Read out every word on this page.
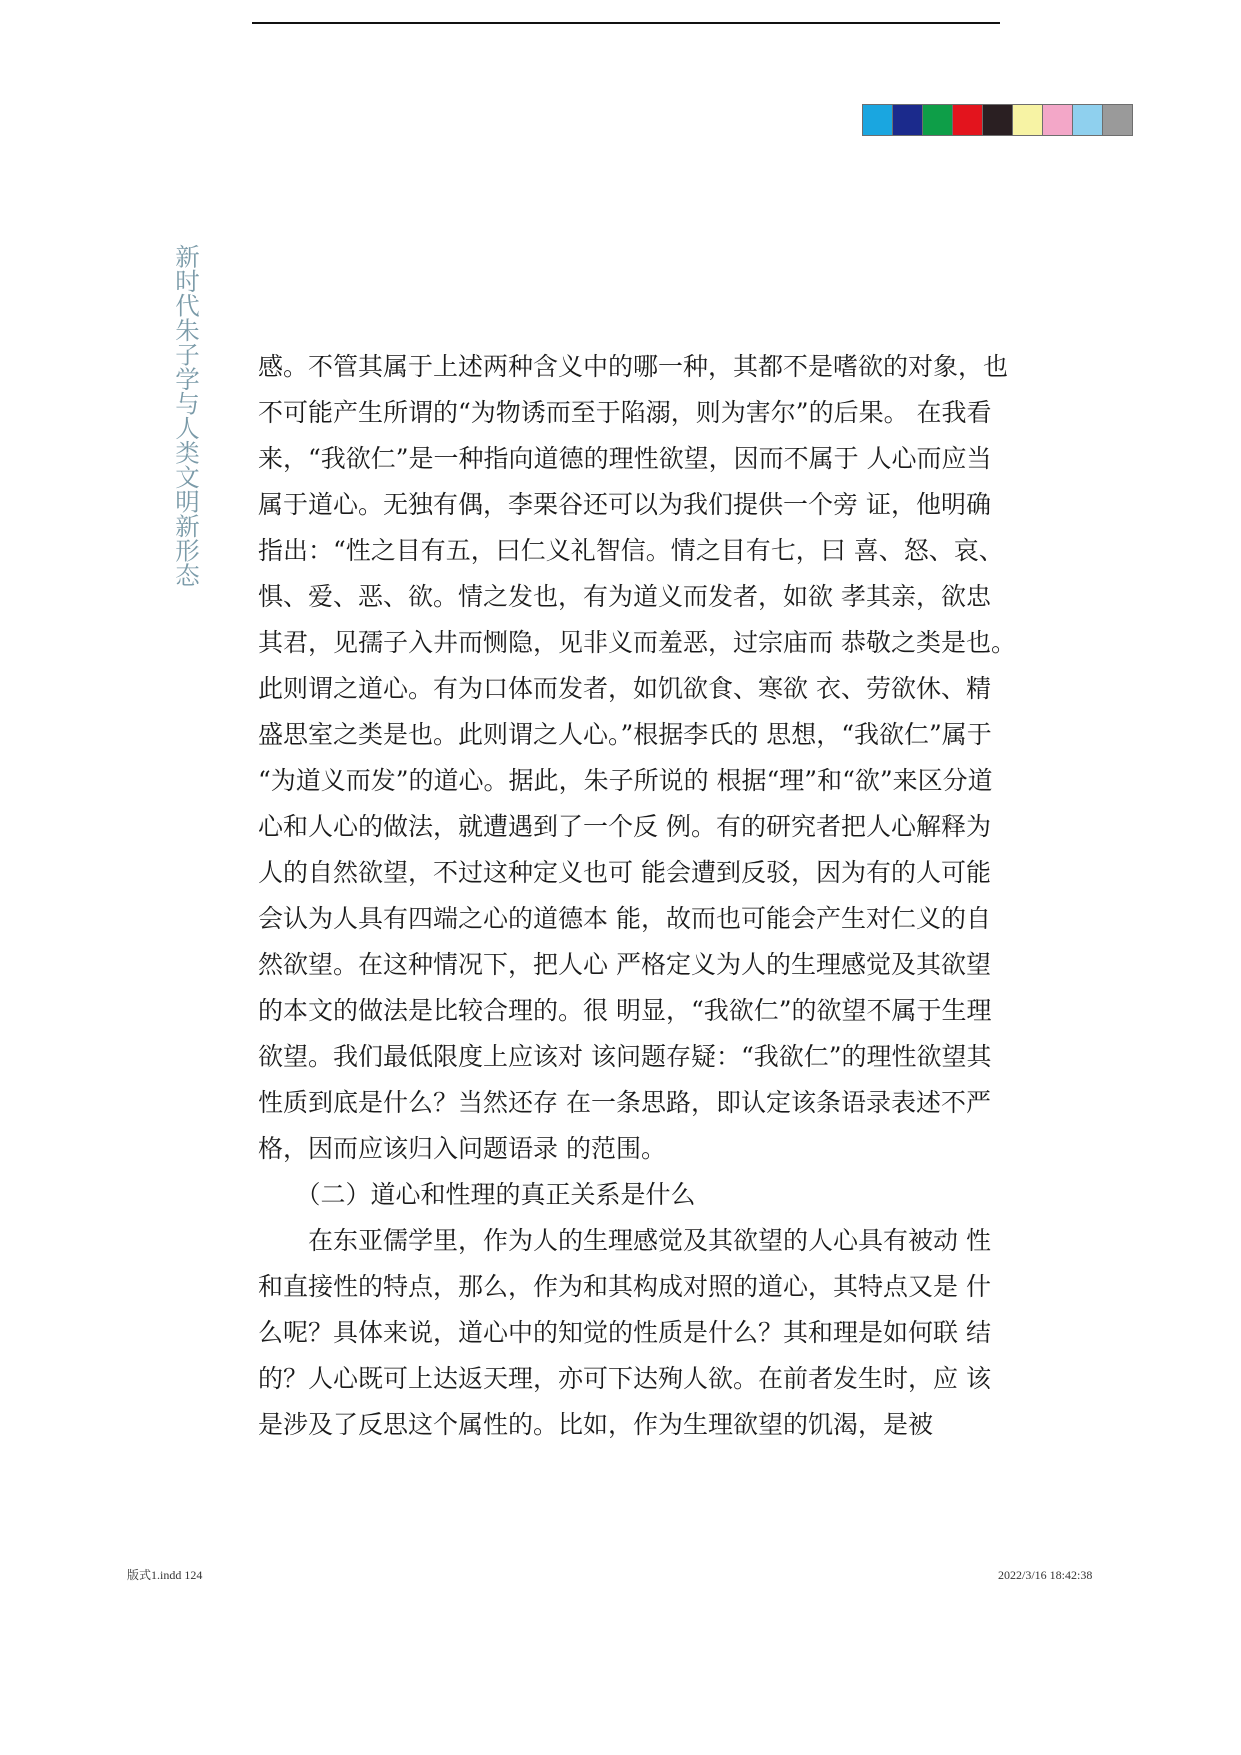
新时代朱子学与人类文明新形态 感。不管其属于上述两种含义中的哪一种，其都不是嗜欲的对象，也
不可能产生所谓的“为物诱而至于陷溺，则为害尔”的后果。 在我看
来，“我欲仁”是一种指向道德的理性欲望，因而不属于 人心而应当
属于道心。无独有偶，李栗谷还可以为我们提供一个旁 证，他明确
指出：“性之目有五，曰仁义礼智信。情之目有七，曰 喜、怒、哀、
惧、爱、恶、欲。情之发也，有为道义而发者，如欲 孝其亲，欲忠
其君，见孺子入井而恻隐，见非义而羞恶，过宗庙而 恭敬之类是也。
此则谓之道心。有为口体而发者，如饥欲食、寒欲 衣、劳欲休、精
盛思室之类是也。此则谓之人心。”根据李氏的 思想，“我欲仁”属于
“为道义而发”的道心。据此，朱子所说的 根据“理”和“欲”来区分道
心和人心的做法，就遭遇到了一个反 例。有的研究者把人心解释为
人的自然欲望，不过这种定义也可 能会遭到反驳，因为有的人可能
会认为人具有四端之心的道德本 能，故而也可能会产生对仁义的自
然欲望。在这种情况下，把人心 严格定义为人的生理感觉及其欲望
的本文的做法是比较合理的。很 明显，“我欲仁”的欲望不属于生理
欲望。我们最低限度上应该对 该问题存疑：“我欲仁”的理性欲望其
性质到底是什么？当然还存 在一条思路，即认定该条语录表述不严
格，因而应该归入问题语录 的范围。
　　（二）道心和性理的真正关系是什么
　　在东亚儒学里，作为人的生理感觉及其欲望的人心具有被动 性
和直接性的特点，那么，作为和其构成对照的道心，其特点又是 什
么呢？具体来说，道心中的知觉的性质是什么？其和理是如何联 结
的？人心既可上达返天理，亦可下达殉人欲。在前者发生时，应 该
是涉及了反思这个属性的。比如，作为生理欲望的饥渴，是被
版式1.indd 124	2022/3/16 18:42:38
